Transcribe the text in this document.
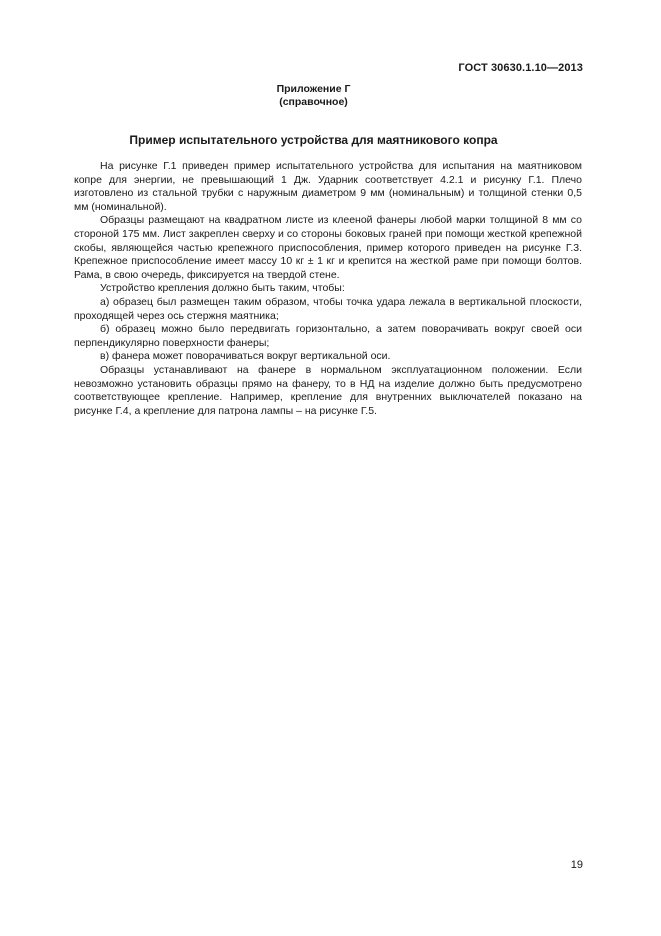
ГОСТ 30630.1.10—2013
Приложение Г
(справочное)
Пример испытательного устройства для маятникового копра

На рисунке Г.1 приведен пример испытательного устройства для испытания на маятниковом копре для энергии, не превышающий 1 Дж. Ударник соответствует 4.2.1 и рисунку Г.1. Плечо изготовлено из стальной трубки с наружным диаметром 9 мм (номинальным) и толщиной стенки 0,5 мм (номинальной).

Образцы размещают на квадратном листе из клееной фанеры любой марки толщиной 8 мм со стороной 175 мм. Лист закреплен сверху и со стороны боковых граней при помощи жесткой крепежной скобы, являющейся частью крепежного приспособления, пример которого приведен на рисунке Г.3. Крепежное приспособление имеет массу 10 кг ± 1 кг и крепится на жесткой раме при помощи болтов. Рама, в свою очередь, фиксируется на твердой стене.

Устройство крепления должно быть таким, чтобы:

а) образец был размещен таким образом, чтобы точка удара лежала в вертикальной плоскости, проходящей через ось стержня маятника;

б) образец можно было передвигать горизонтально, а затем поворачивать вокруг своей оси перпендикулярно поверхности фанеры;

в) фанера может поворачиваться вокруг вертикальной оси.

Образцы устанавливают на фанере в нормальном эксплуатационном положении. Если невозможно установить образцы прямо на фанеру, то в НД на изделие должно быть предусмотрено соответствующее крепление. Например, крепление для внутренних выключателей показано на рисунке Г.4, а крепление для патрона лампы – на рисунке Г.5.

19
